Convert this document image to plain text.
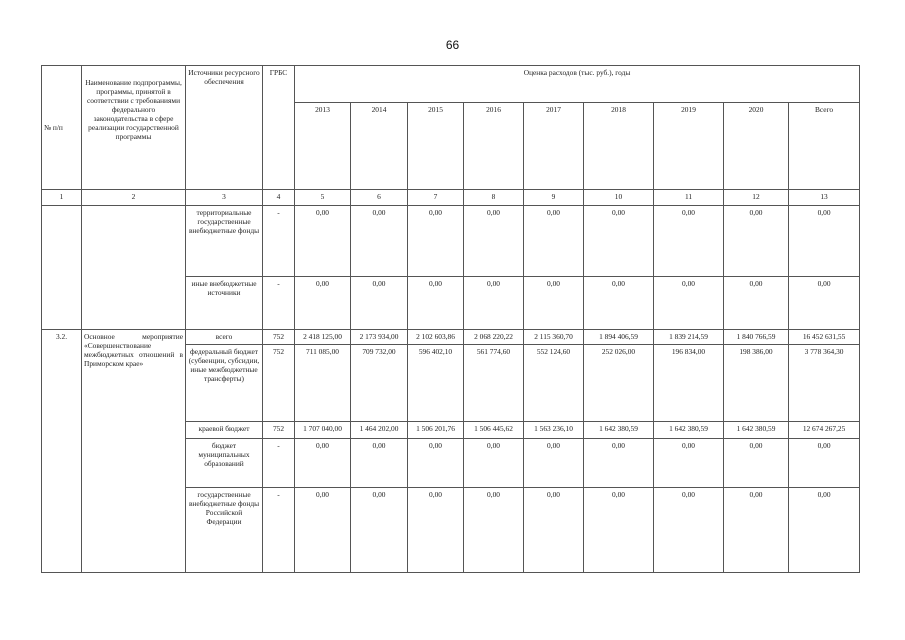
66
№ п/п	Наименование подпрограммы, программы, принятой в соответствии с требованиями федерального законодательства в сфере реализации государственной программы	Источники ресурсного обеспечения	ГРБС	Оценка расходов (тыс. руб.), годы								
				2013	2014	2015	2016	2017	2018	2019	2020	Всего
1	2	3	4	5	6	7	8	9	10	11	12	13
		территориальные государственные внебюджетные фонды	-	0,00	0,00	0,00	0,00	0,00	0,00	0,00	0,00	0,00
		иные внебюджетные источники	-	0,00	0,00	0,00	0,00	0,00	0,00	0,00	0,00	0,00
3.2.	Основное мероприятие «Совершенствование межбюджетных отношений в Приморском крае»	всего	752	2 418 125,00	2 173 934,00	2 102 603,86	2 068 220,22	2 115 360,70	1 894 406,59	1 839 214,59	1 840 766,59	16 452 631,55
		федеральный бюджет (субвенции, субсидии, иные межбюджетные трансферты)	752	711 085,00	709 732,00	596 402,10	561 774,60	552 124,60	252 026,00	196 834,00	198 386,00	3 778 364,30
		краевой бюджет	752	1 707 040,00	1 464 202,00	1 506 201,76	1 506 445,62	1 563 236,10	1 642 380,59	1 642 380,59	1 642 380,59	12 674 267,25
		бюджет муниципальных образований	-	0,00	0,00	0,00	0,00	0,00	0,00	0,00	0,00	0,00
		государственные внебюджетные фонды Российской Федерации	-	0,00	0,00	0,00	0,00	0,00	0,00	0,00	0,00	0,00
